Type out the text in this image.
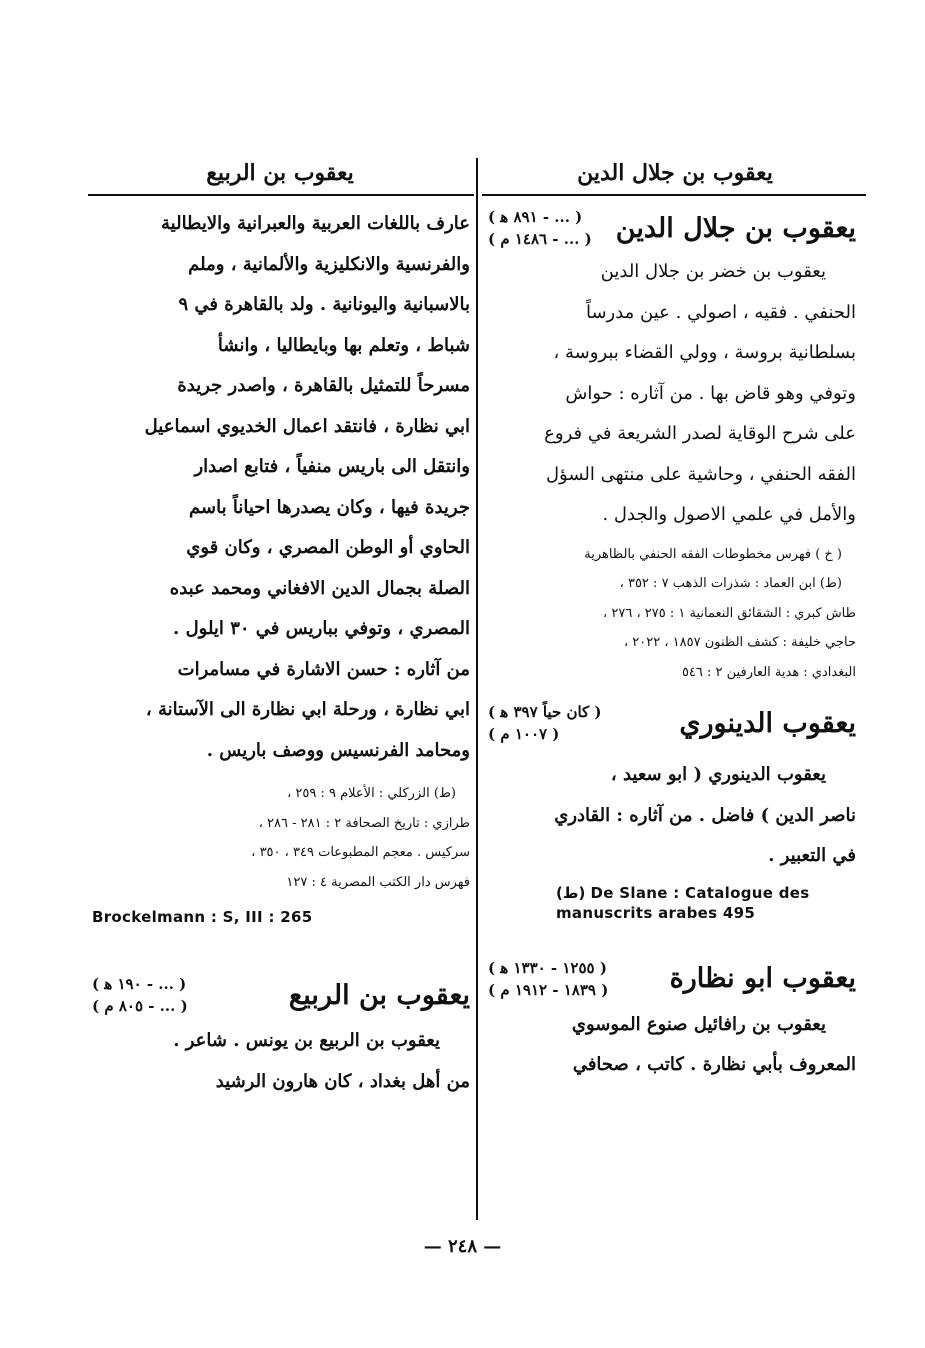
يعقوب بن جلال الدين
يعقوب بن الربيع
يعقوب بن جلال الدين
( ... - ٨٩١ ﻫ )
( ... - ١٤٨٦ م )
يعقوب بن خضر بن جلال الدين
الحنفي . فقيه ، اصولي . عين مدرساً
بسلطانية بروسة ، وولي القضاء ببروسة ،
وتوفي وهو قاض بها . من آثاره : حواش
على شرح الوقاية لصدر الشريعة في فروع
الفقه الحنفي ، وحاشية على منتهى السؤل
والأمل في علمي الاصول والجدل .
( خ ) فهرس مخطوطات الفقه الحنفي بالظاهرية
(ط) ابن العماد : شذرات الذهب ٧ : ٣٥٢ ،
طاش كبري : الشقائق النعمانية ١ : ٢٧٥ ، ٢٧٦ ،
حاجي خليفة : كشف الظنون ١٨٥٧ ، ٢٠٢٢ ،
البغدادي : هدية العارفين ٢ : ٥٤٦
يعقوب الدينوري
( كان حياً ٣٩٧ ﻫ )
( ١٠٠٧ م )
يعقوب الدينوري ( ابو سعيد ،
ناصر الدين ) فاضل . من آثاره : القادري
في التعبير .
(ط) De Slane : Catalogue des manuscrits arabes 495
يعقوب ابو نظارة
( ١٢٥٥ - ١٣٣٠ ﻫ )
( ١٨٣٩ - ١٩١٢ م )
يعقوب بن رافائيل صنوع الموسوي
المعروف بأبي نظارة . كاتب ، صحافي
عارف باللغات العربية والعبرانية والايطالية
والفرنسية والانكليزية والألمانية ، وملم
بالاسبانية واليونانية . ولد بالقاهرة في ٩
شباط ، وتعلم بها وبايطاليا ، وانشأ
مسرحاً للتمثيل بالقاهرة ، واصدر جريدة
ابي نظارة ، فانتقد اعمال الخديوي اسماعيل
وانتقل الى باريس منفياً ، فتابع اصدار
جريدة فيها ، وكان يصدرها احياناً باسم
الحاوي أو الوطن المصري ، وكان قوي
الصلة بجمال الدين الافغاني ومحمد عبده
المصري ، وتوفي بباريس في ٣٠ ايلول .
من آثاره : حسن الاشارة في مسامرات
ابي نظارة ، ورحلة ابي نظارة الى الآستانة ،
ومحامد الفرنسيس ووصف باريس .
(ط) الزركلي : الأعلام ٩ : ٢٥٩ ،
طرازي : تاريخ الصحافة ٢ : ٢٨١ - ٢٨٦ ،
سركيس . معجم المطبوعات ٣٤٩ ، ٣٥٠ ،
فهرس دار الكتب المصرية ٤ : ١٢٧
Brockelmann : S, III : 265
يعقوب بن الربيع
( ... - ١٩٠ ﻫ )
( ... - ٨٠٥ م )
يعقوب بن الربيع بن يونس . شاعر .
من أهل بغداد ، كان هارون الرشيد
— ٢٤٨ —
